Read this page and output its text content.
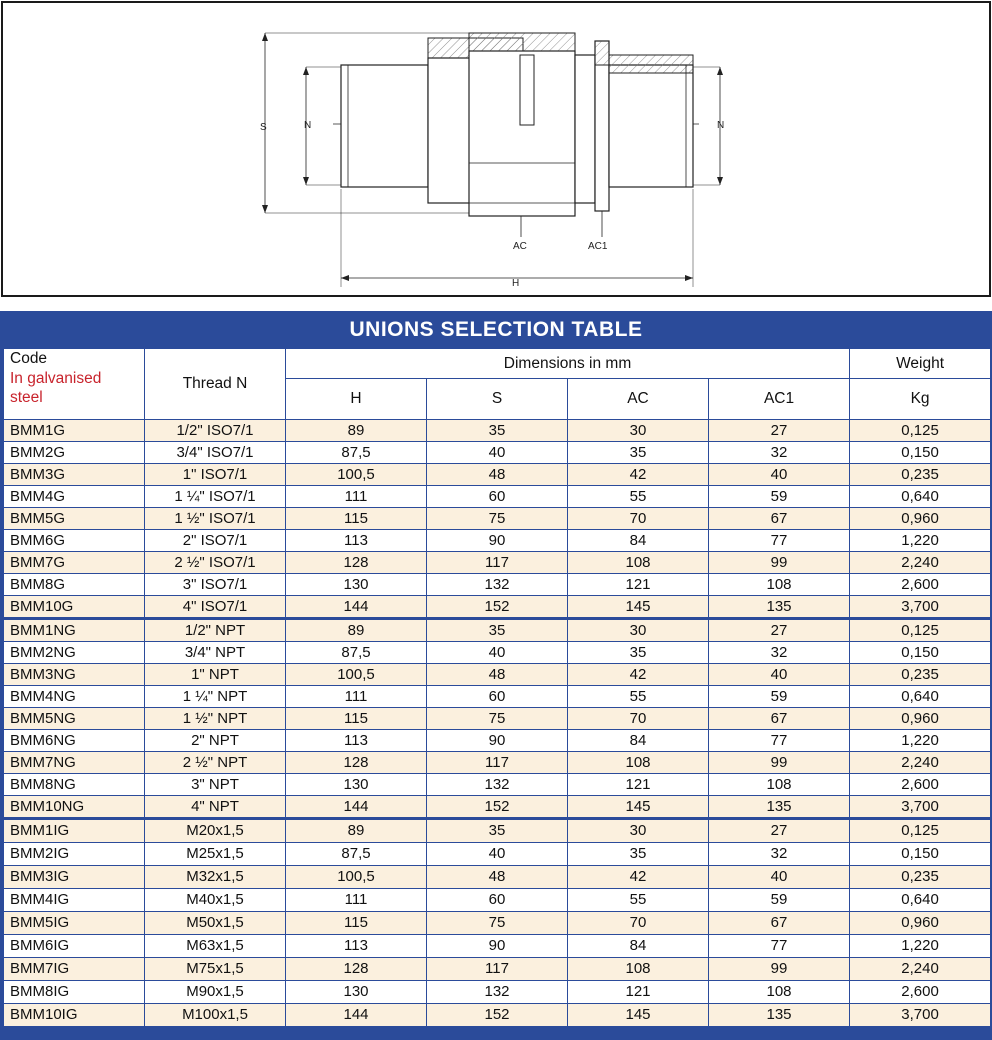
S	N	N
AC	AC1
H
UNIONS SELECTION TABLE
Code
In galvanised steel	Thread N	Dimensions in mm				Weight
		H	S	AC	AC1	Kg
BMM1G	1/2" ISO7/1	89	35	30	27	0,125
BMM2G	3/4" ISO7/1	87,5	40	35	32	0,150
BMM3G	1" ISO7/1	100,5	48	42	40	0,235
BMM4G	1 ¼" ISO7/1	111	60	55	59	0,640
BMM5G	1 ½" ISO7/1	115	75	70	67	0,960
BMM6G	2" ISO7/1	113	90	84	77	1,220
BMM7G	2 ½" ISO7/1	128	117	108	99	2,240
BMM8G	3" ISO7/1	130	132	121	108	2,600
BMM10G	4" ISO7/1	144	152	145	135	3,700
BMM1NG	1/2" NPT	89	35	30	27	0,125
BMM2NG	3/4" NPT	87,5	40	35	32	0,150
BMM3NG	1" NPT	100,5	48	42	40	0,235
BMM4NG	1 ¼" NPT	111	60	55	59	0,640
BMM5NG	1 ½" NPT	115	75	70	67	0,960
BMM6NG	2" NPT	113	90	84	77	1,220
BMM7NG	2 ½" NPT	128	117	108	99	2,240
BMM8NG	3" NPT	130	132	121	108	2,600
BMM10NG	4" NPT	144	152	145	135	3,700
BMM1IG	M20x1,5	89	35	30	27	0,125
BMM2IG	M25x1,5	87,5	40	35	32	0,150
BMM3IG	M32x1,5	100,5	48	42	40	0,235
BMM4IG	M40x1,5	111	60	55	59	0,640
BMM5IG	M50x1,5	115	75	70	67	0,960
BMM6IG	M63x1,5	113	90	84	77	1,220
BMM7IG	M75x1,5	128	117	108	99	2,240
BMM8IG	M90x1,5	130	132	121	108	2,600
BMM10IG	M100x1,5	144	152	145	135	3,700
